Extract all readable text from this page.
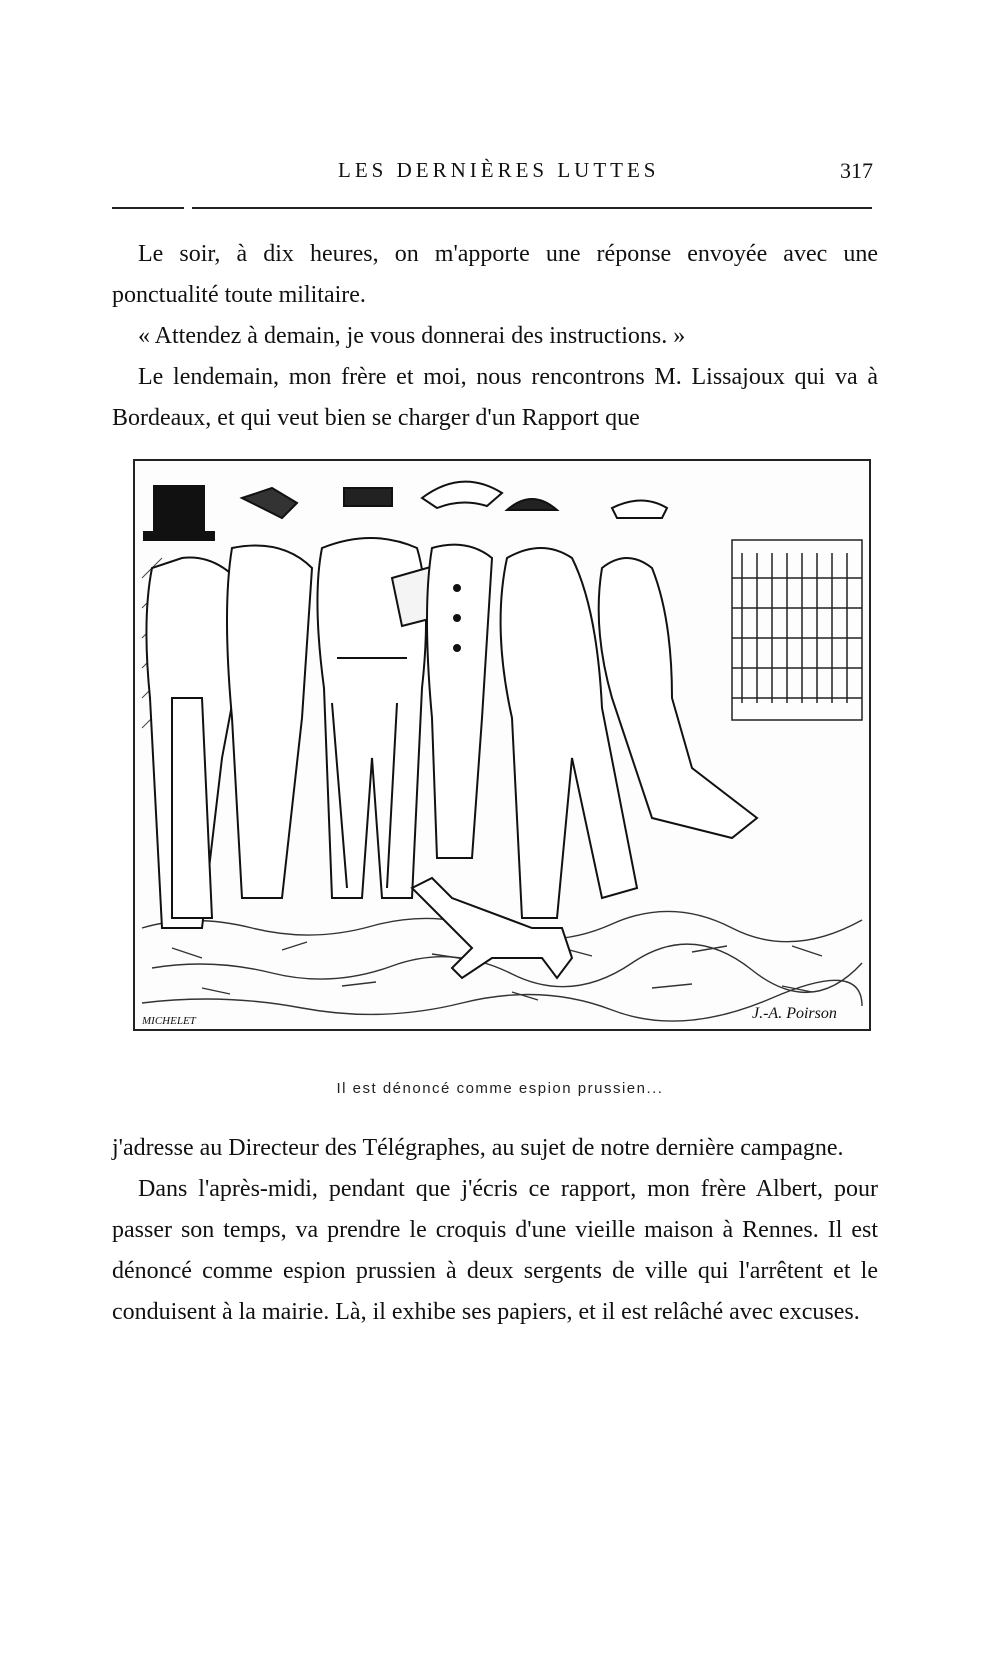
LES DERNIÈRES LUTTES	317

Le soir, à dix heures, on m'apporte une réponse envoyée avec une ponctualité toute militaire.

« Attendez à demain, je vous donnerai des instructions. »

Le lendemain, mon frère et moi, nous rencontrons M. Lissajoux qui va à Bordeaux, et qui veut bien se charger d'un Rapport que

MICHELET	J.-A. Poirson
Il est dénoncé comme espion prussien...

j'adresse au Directeur des Télégraphes, au sujet de notre dernière campagne.

Dans l'après-midi, pendant que j'écris ce rapport, mon frère Albert, pour passer son temps, va prendre le croquis d'une vieille maison à Rennes. Il est dénoncé comme espion prussien à deux sergents de ville qui l'arrêtent et le conduisent à la mairie. Là, il exhibe ses papiers, et il est relâché avec excuses.
